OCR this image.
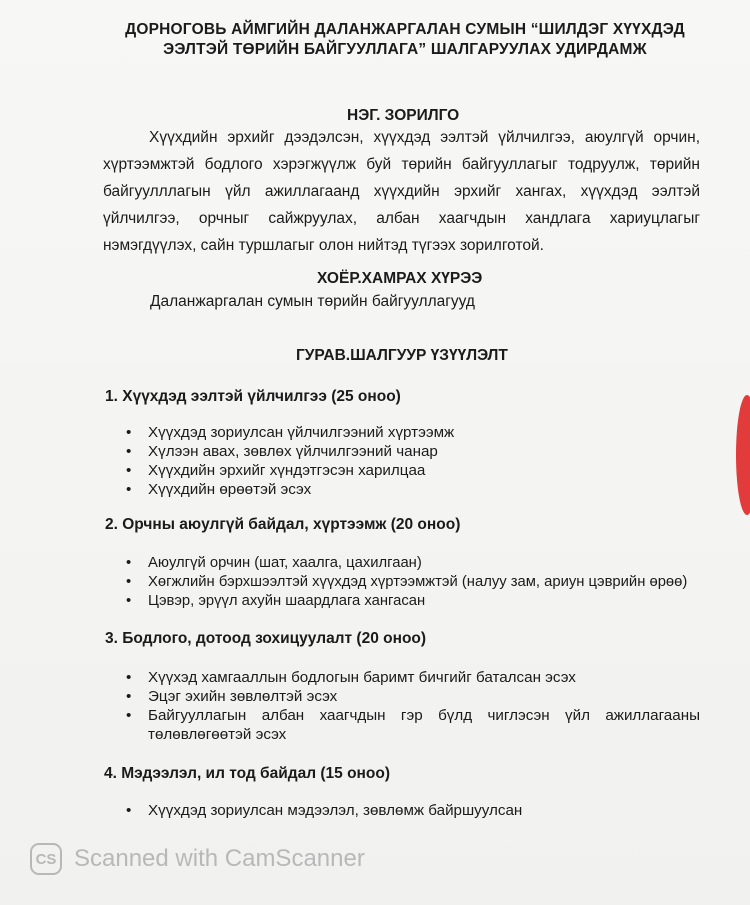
ДОРНОГОВЬ АЙМГИЙН ДАЛАНЖАРГАЛАН СУМЫН “ШИЛДЭГ ХҮҮХДЭД
ЭЭЛТЭЙ ТӨРИЙН БАЙГУУЛЛАГА” ШАЛГАРУУЛАХ УДИРДАМЖ
НЭГ. ЗОРИЛГО
Хүүхдийн эрхийг дээдэлсэн, хүүхдэд ээлтэй үйлчилгээ, аюулгүй орчин, хүртээмжтэй бодлого хэрэгжүүлж буй төрийн байгууллагыг тодруулж, төрийн байгуулллагын үйл ажиллагаанд хүүхдийн эрхийг хангах, хүүхдэд ээлтэй үйлчилгээ, орчныг сайжруулах, албан хаагчдын хандлага хариуцлагыг нэмэгдүүлэх, сайн туршлагыг олон нийтэд түгээх зорилготой.
ХОЁР.ХАМРАХ ХҮРЭЭ
Даланжаргалан сумын төрийн байгууллагууд
ГУРАВ.ШАЛГУУР ҮЗҮҮЛЭЛТ
1. Хүүхдэд ээлтэй үйлчилгээ (25 оноо)
• Хүүхдэд зориулсан үйлчилгээний хүртээмж
• Хүлээн авах, зөвлөх үйлчилгээний чанар
• Хүүхдийн эрхийг хүндэтгэсэн харилцаа
• Хүүхдийн өрөөтэй эсэх
2. Орчны аюулгүй байдал, хүртээмж (20 оноо)
• Аюулгүй орчин (шат, хаалга, цахилгаан)
• Хөгжлийн бэрхшээлтэй хүүхдэд хүртээмжтэй (налуу зам, ариун цэврийн өрөө)
• Цэвэр, эрүүл ахуйн шаардлага хангасан
3. Бодлого, дотоод зохицуулалт (20 оноо)
• Хүүхэд хамгааллын бодлогын баримт бичгийг баталсан эсэх
• Эцэг эхийн зөвлөлтэй эсэх
• Байгууллагын албан хаагчдын гэр бүлд чиглэсэн үйл ажиллагааны төлөвлөгөөтэй эсэх
4. Мэдээлэл, ил тод байдал (15 оноо)
• Хүүхдэд зориулсан мэдээлэл, зөвлөмж байршуулсан
CS Scanned with CamScanner
